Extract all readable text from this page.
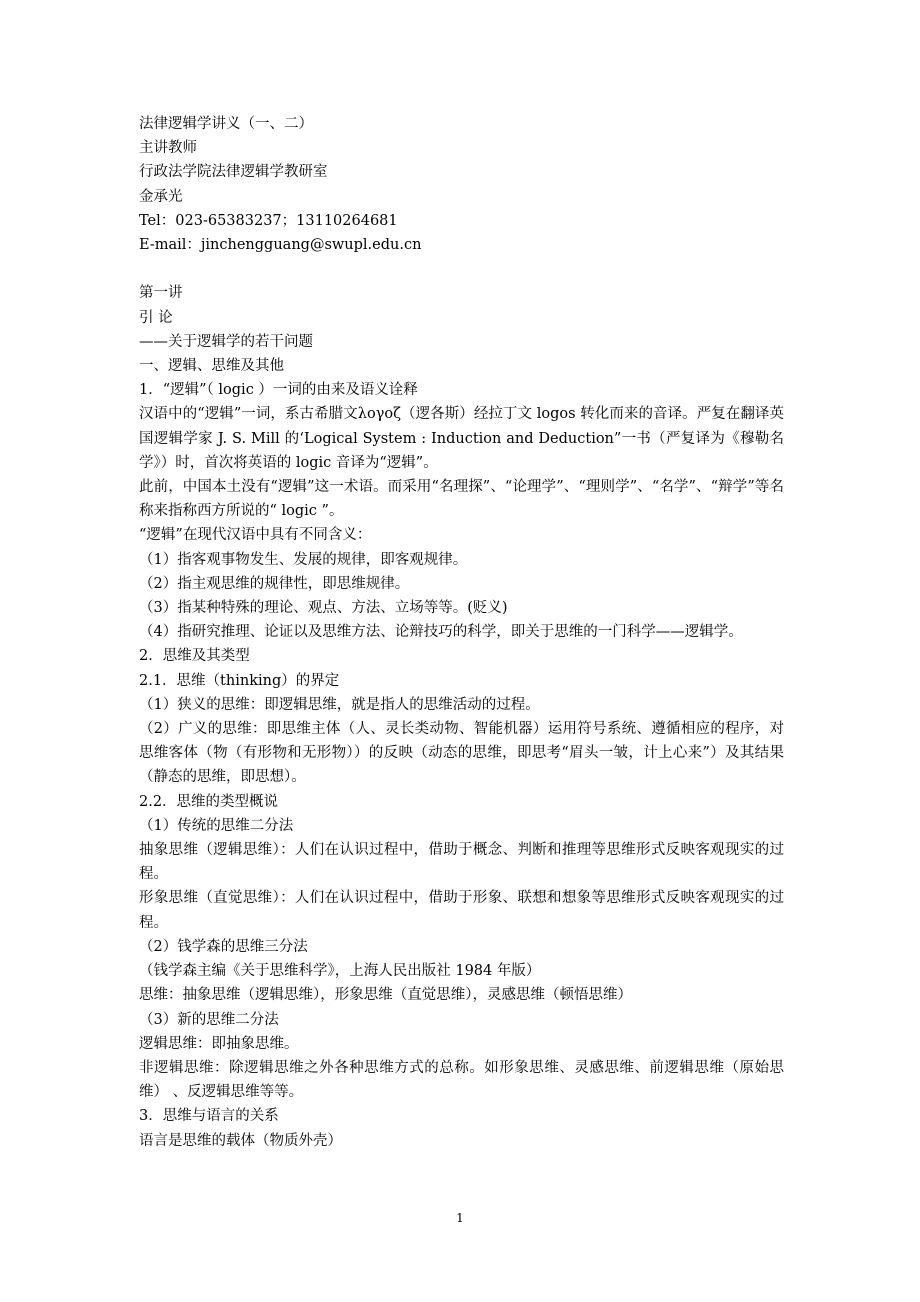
法律逻辑学讲义（一、二）

主讲教师

行政法学院法律逻辑学教研室

金承光

Tel：023-65383237；13110264681

E-mail：jinchengguang@swupl.edu.cn

第一讲

引 论

——关于逻辑学的若干问题

一、逻辑、思维及其他

1．“逻辑”（ logic ）一词的由来及语义诠释

汉语中的“逻辑”一词，系古希腊文λογοζ（逻各斯）经拉丁文 logos 转化而来的音译。严复在翻译英国逻辑学家 J. S. Mill 的‘Logical System : Induction and Deduction”一书（严复译为《穆勒名学》）时，首次将英语的 logic 音译为“逻辑”。

此前，中国本土没有“逻辑”这一术语。而采用“名理探”、“论理学”、“理则学”、“名学”、“辩学”等名称来指称西方所说的“ logic ”。

“逻辑”在现代汉语中具有不同含义：

（1）指客观事物发生、发展的规律，即客观规律。

（2）指主观思维的规律性，即思维规律。

（3）指某种特殊的理论、观点、方法、立场等等。(贬义)

（4）指研究推理、论证以及思维方法、论辩技巧的科学，即关于思维的一门科学——逻辑学。

2．思维及其类型

2.1．思维（thinking）的界定

（1）狭义的思维：即逻辑思维，就是指人的思维活动的过程。

（2）广义的思维：即思维主体（人、灵长类动物、智能机器）运用符号系统、遵循相应的程序，对思维客体（物（有形物和无形物））的反映（动态的思维，即思考“眉头一皱，计上心来”）及其结果（静态的思维，即思想）。

2.2．思维的类型概说

（1）传统的思维二分法

抽象思维（逻辑思维）：人们在认识过程中，借助于概念、判断和推理等思维形式反映客观现实的过程。

形象思维（直觉思维）：人们在认识过程中，借助于形象、联想和想象等思维形式反映客观现实的过程。

（2）钱学森的思维三分法

（钱学森主编《关于思维科学》，上海人民出版社 1984 年版）

思维：抽象思维（逻辑思维），形象思维（直觉思维），灵感思维（顿悟思维）

（3）新的思维二分法

逻辑思维：即抽象思维。

非逻辑思维：除逻辑思维之外各种思维方式的总称。如形象思维、灵感思维、前逻辑思维（原始思维） 、反逻辑思维等等。

3．思维与语言的关系

语言是思维的载体（物质外壳）

1
